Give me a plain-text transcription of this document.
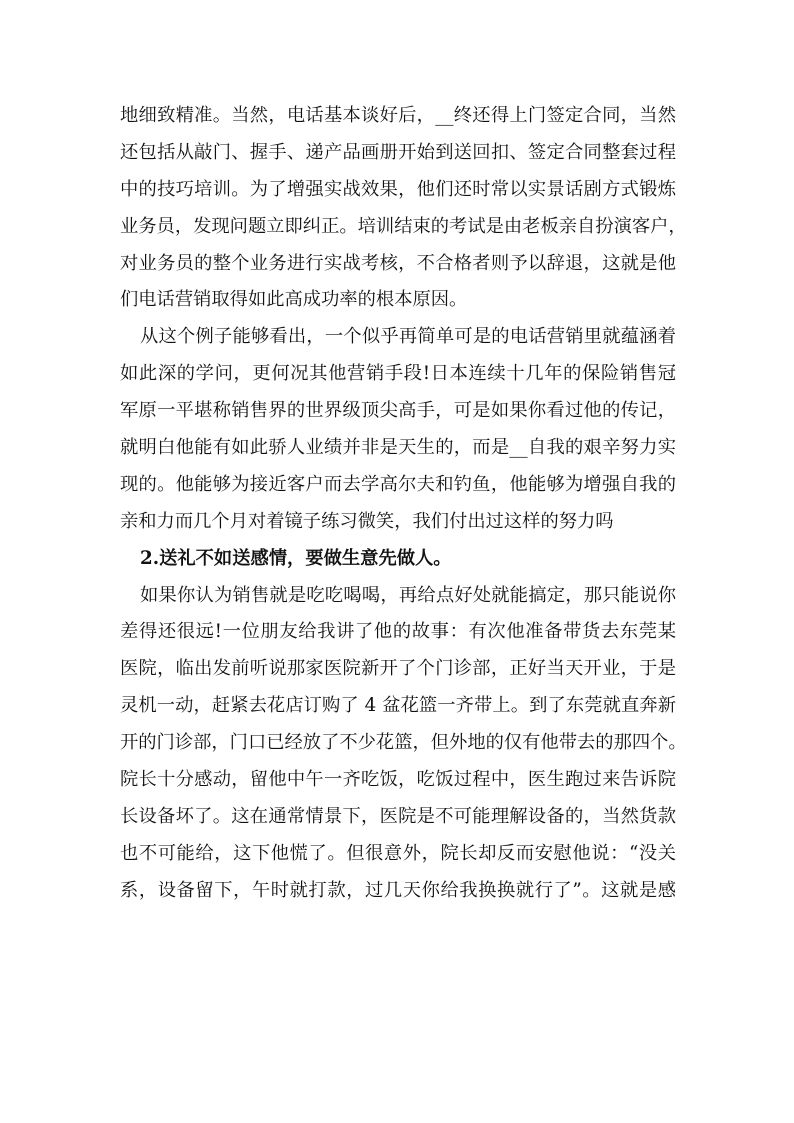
地细致精准。当然，电话基本谈好后，__终还得上门签定合同，当然
还包括从敲门、握手、递产品画册开始到送回扣、签定合同整套过程
中的技巧培训。为了增强实战效果，他们还时常以实景话剧方式锻炼
业务员，发现问题立即纠正。培训结束的考试是由老板亲自扮演客户，
对业务员的整个业务进行实战考核，不合格者则予以辞退，这就是他
们电话营销取得如此高成功率的根本原因。
从这个例子能够看出，一个似乎再简单可是的电话营销里就蕴涵着
如此深的学问，更何况其他营销手段!日本连续十几年的保险销售冠
军原一平堪称销售界的世界级顶尖高手，可是如果你看过他的传记，
就明白他能有如此骄人业绩并非是天生的，而是__自我的艰辛努力实
现的。他能够为接近客户而去学高尔夫和钓鱼，他能够为增强自我的
亲和力而几个月对着镜子练习微笑，我们付出过这样的努力吗
2.送礼不如送感情，要做生意先做人。
如果你认为销售就是吃吃喝喝，再给点好处就能搞定，那只能说你
差得还很远!一位朋友给我讲了他的故事：有次他准备带货去东莞某
医院，临出发前听说那家医院新开了个门诊部，正好当天开业，于是
灵机一动，赶紧去花店订购了 4 盆花篮一齐带上。到了东莞就直奔新
开的门诊部，门口已经放了不少花篮，但外地的仅有他带去的那四个。
院长十分感动，留他中午一齐吃饭，吃饭过程中，医生跑过来告诉院
长设备坏了。这在通常情景下，医院是不可能理解设备的，当然货款
也不可能给，这下他慌了。但很意外，院长却反而安慰他说：“没关
系，设备留下，午时就打款，过几天你给我换换就行了”。这就是感
